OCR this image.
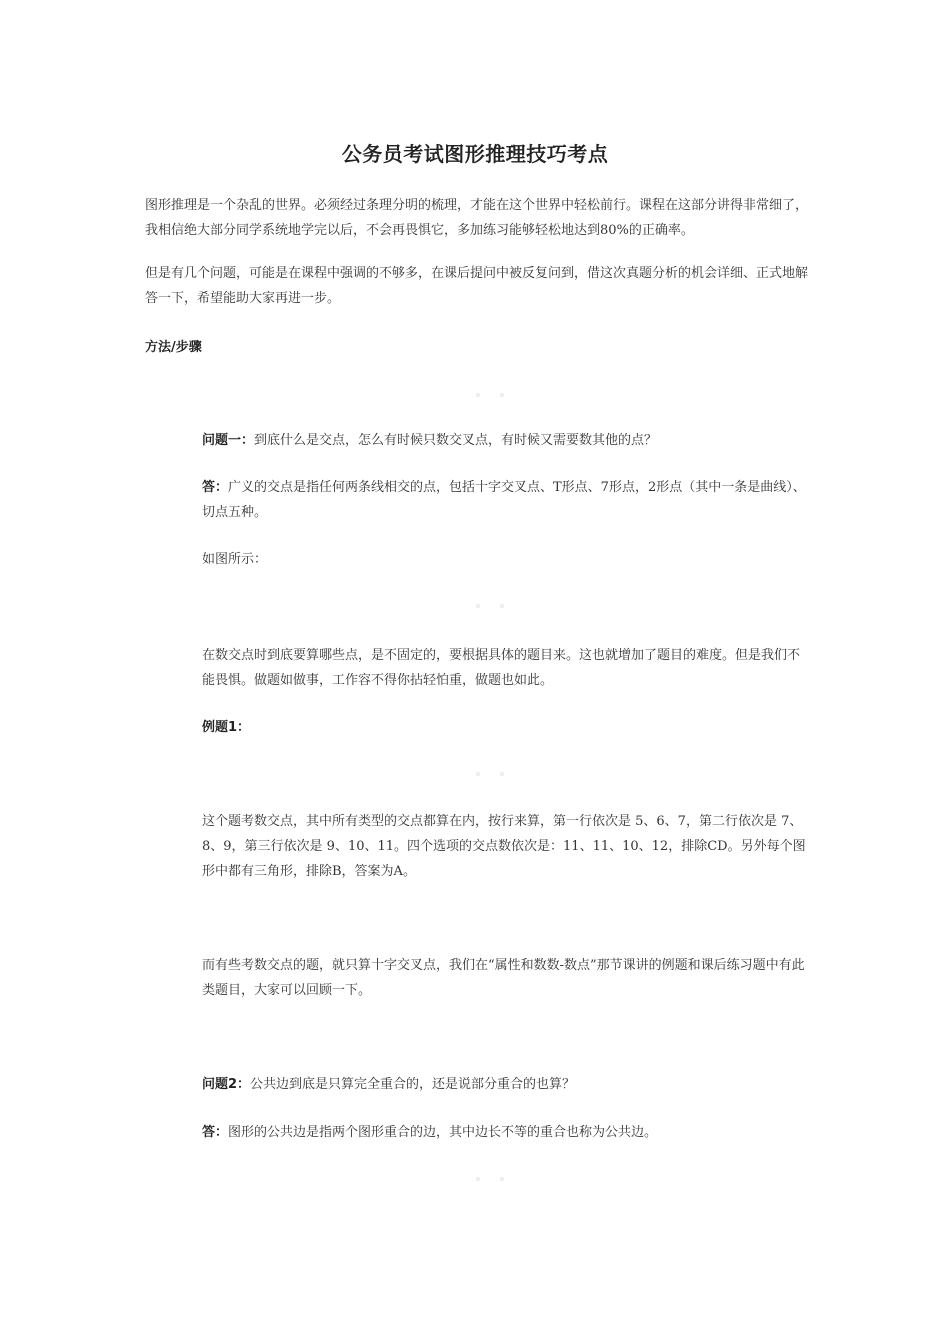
公务员考试图形推理技巧考点
图形推理是一个杂乱的世界。必须经过条理分明的梳理，才能在这个世界中轻松前行。课程在这部分讲得非常细了，我相信绝大部分同学系统地学完以后，不会再畏惧它，多加练习能够轻松地达到80%的正确率。
但是有几个问题，可能是在课程中强调的不够多，在课后提问中被反复问到，借这次真题分析的机会详细、正式地解答一下，希望能助大家再进一步。
方法/步骤
问题一：到底什么是交点，怎么有时候只数交叉点，有时候又需要数其他的点？
答：广义的交点是指任何两条线相交的点，包括十字交叉点、T形点、7形点，2形点（其中一条是曲线）、切点五种。
如图所示：
在数交点时到底要算哪些点，是不固定的，要根据具体的题目来。这也就增加了题目的难度。但是我们不能畏惧。做题如做事，工作容不得你拈轻怕重，做题也如此。
例题1：
这个题考数交点，其中所有类型的交点都算在内，按行来算，第一行依次是 5、6、7，第二行依次是 7、8、9，第三行依次是 9、10、11。四个选项的交点数依次是：11、11、10、12，排除CD。另外每个图形中都有三角形，排除B，答案为A。
而有些考数交点的题，就只算十字交叉点，我们在“属性和数数-数点”那节课讲的例题和课后练习题中有此类题目，大家可以回顾一下。
问题2：公共边到底是只算完全重合的，还是说部分重合的也算？
答：图形的公共边是指两个图形重合的边，其中边长不等的重合也称为公共边。
